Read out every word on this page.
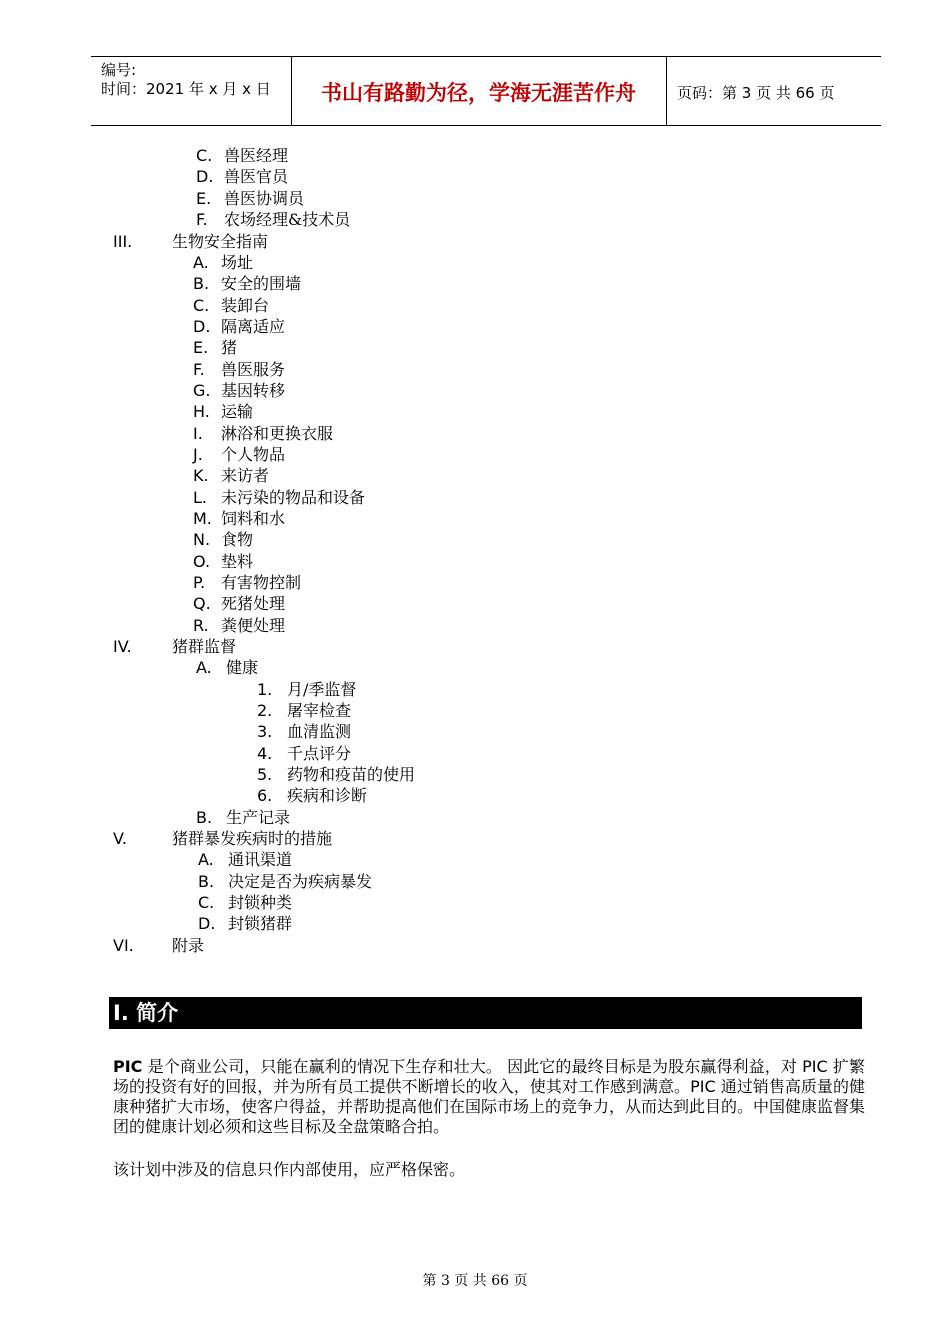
编号:
时间：2021 年 x 月 x 日	书山有路勤为径，学海无涯苦作舟	页码：第 3 页 共 66 页
C. 兽医经理
D. 兽医官员
E. 兽医协调员
F. 农场经理&技术员
III. 生物安全指南
A. 场址
B. 安全的围墙
C. 装卸台
D. 隔离适应
E. 猪
F. 兽医服务
G. 基因转移
H. 运输
I. 淋浴和更换衣服
J. 个人物品
K. 来访者
L. 未污染的物品和设备
M. 饲料和水
N. 食物
O. 垫料
P. 有害物控制
Q. 死猪处理
R. 粪便处理
IV.	猪群监督
A. 健康
1. 月/季监督
2. 屠宰检查
3. 血清监测
4. 千点评分
5. 药物和疫苗的使用
6. 疾病和诊断
B. 生产记录
V.	猪群暴发疾病时的措施
A. 通讯渠道
B. 决定是否为疾病暴发
C. 封锁种类
D. 封锁猪群
VI. 附录
I. 简介
PIC 是个商业公司，只能在赢利的情况下生存和壮大。 因此它的最终目标是为股东赢得利益，对 PIC 扩繁场的投资有好的回报，并为所有员工提供不断增长的收入，使其对工作感到满意。PIC 通过销售高质量的健康种猪扩大市场，使客户得益，并帮助提高他们在国际市场上的竞争力，从而达到此目的。中国健康监督集团的健康计划必须和这些目标及全盘策略合拍。
该计划中涉及的信息只作内部使用，应严格保密。
第 3 页 共 66 页
